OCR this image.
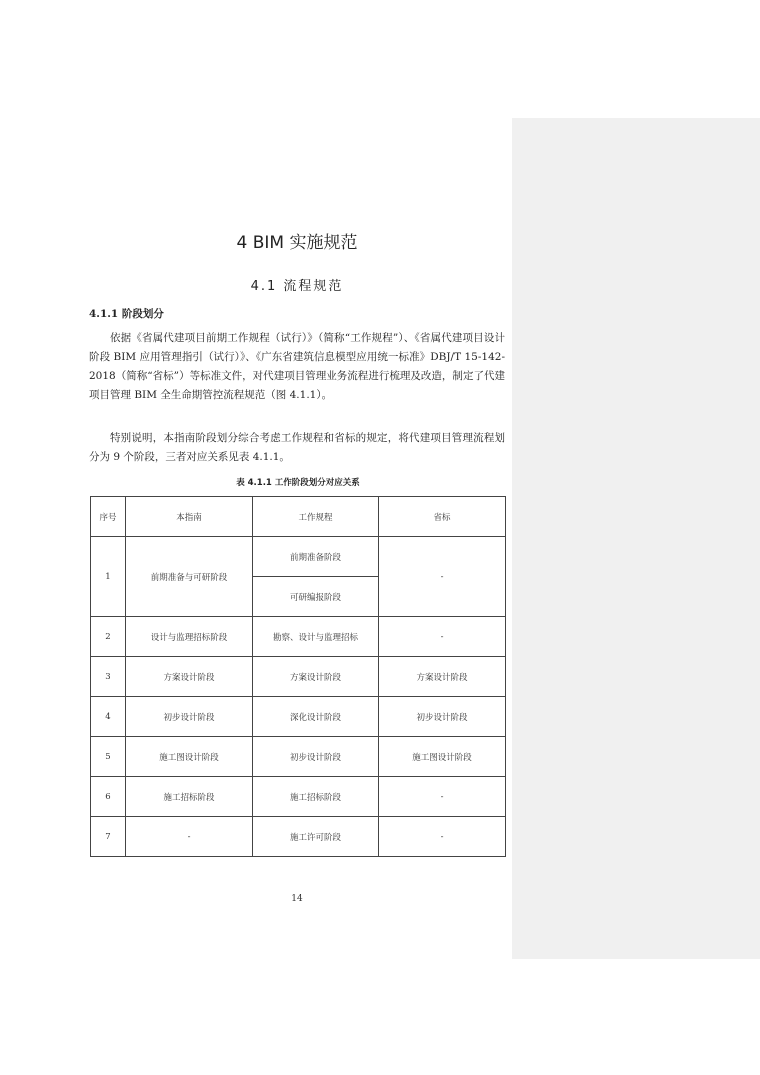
4 BIM 实施规范
4.1 流程规范
4.1.1 阶段划分
依据《省属代建项目前期工作规程（试行）》（简称“工作规程”）、《省属代建项目设计阶段 BIM 应用管理指引（试行）》、《广东省建筑信息模型应用统一标准》DBJ/T 15-142-2018（简称“省标”）等标准文件，对代建项目管理业务流程进行梳理及改造，制定了代建项目管理 BIM 全生命期管控流程规范（图 4.1.1）。
特别说明，本指南阶段划分综合考虑工作规程和省标的规定，将代建项目管理流程划分为 9 个阶段，三者对应关系见表 4.1.1。
表 4.1.1 工作阶段划分对应关系
序号	本指南	工作规程	省标
1	前期准备与可研阶段	前期准备阶段	-
		可研编报阶段	
2	设计与监理招标阶段	勘察、设计与监理招标	-
3	方案设计阶段	方案设计阶段	方案设计阶段
4	初步设计阶段	深化设计阶段	初步设计阶段
5	施工图设计阶段	初步设计阶段	施工图设计阶段
6	施工招标阶段	施工招标阶段	-
7	-	施工许可阶段	-
14
